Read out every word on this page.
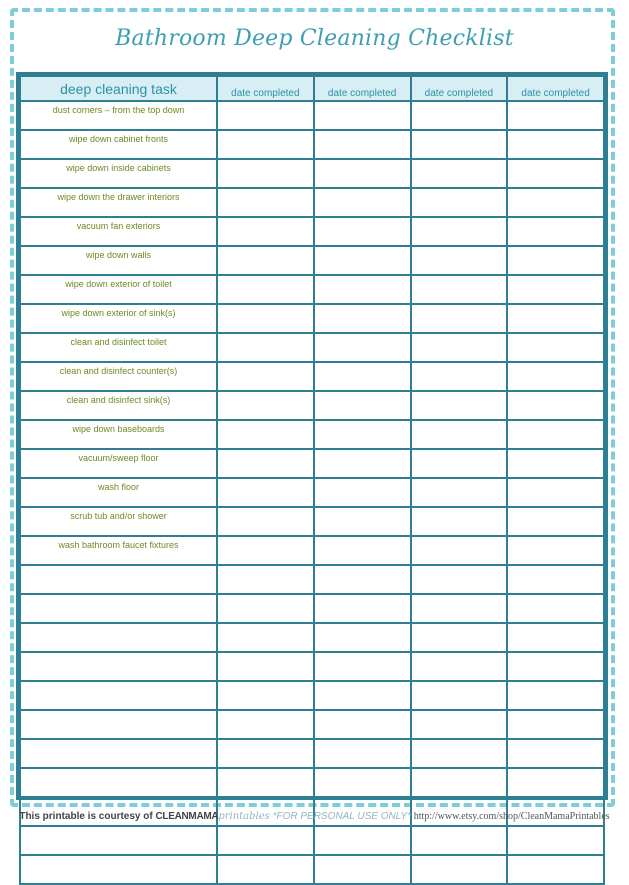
Bathroom Deep Cleaning Checklist
deep cleaning task	date completed	date completed	date completed	date completed
dust corners – from the top down				
wipe down cabinet fronts				
wipe down inside cabinets				
wipe down the drawer interiors				
vacuum fan exteriors				
wipe down walls				
wipe down exterior of toilet				
wipe down exterior of sink(s)				
clean and disinfect toilet				
clean and disinfect counter(s)				
clean and disinfect sink(s)				
wipe down baseboards				
vacuum/sweep floor				
wash floor				
scrub tub and/or shower				
wash bathroom faucet fixtures				

This printable is courtesy of CLEANMAMAprintables *FOR PERSONAL USE ONLY* http://www.etsy.com/shop/CleanMamaPrintables
